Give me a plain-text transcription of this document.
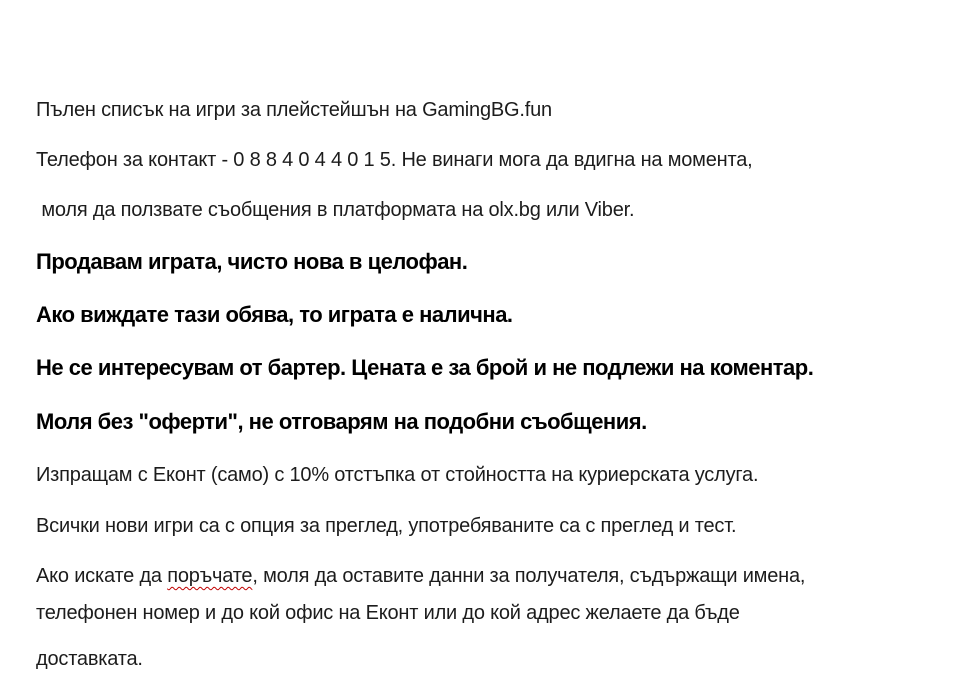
Пълен списък на игри за плейстейшън на GamingBG.fun
Телефон за контакт - 0 8 8 4 0 4 4 0 1 5. Не винаги мога да вдигна на момента,
моля да ползвате съобщения в платформата на olx.bg или Viber.
Продавам играта, чисто нова в целофан.
Ако виждате тази обява, то играта е налична.
Не се интересувам от бартер. Цената е за брой и не подлежи на коментар.
Моля без "оферти", не отговарям на подобни съобщения.
Изпращам с Еконт (само) с 10% отстъпка от стойността на куриерската услуга.
Всички нови игри са с опция за преглед, употребяваните са с преглед и тест.
Ако искате да поръчате, моля да оставите данни за получателя, съдържащи имена,
телефонен номер и до кой офис на Еконт или до кой адрес желаете да бъде
доставката.
